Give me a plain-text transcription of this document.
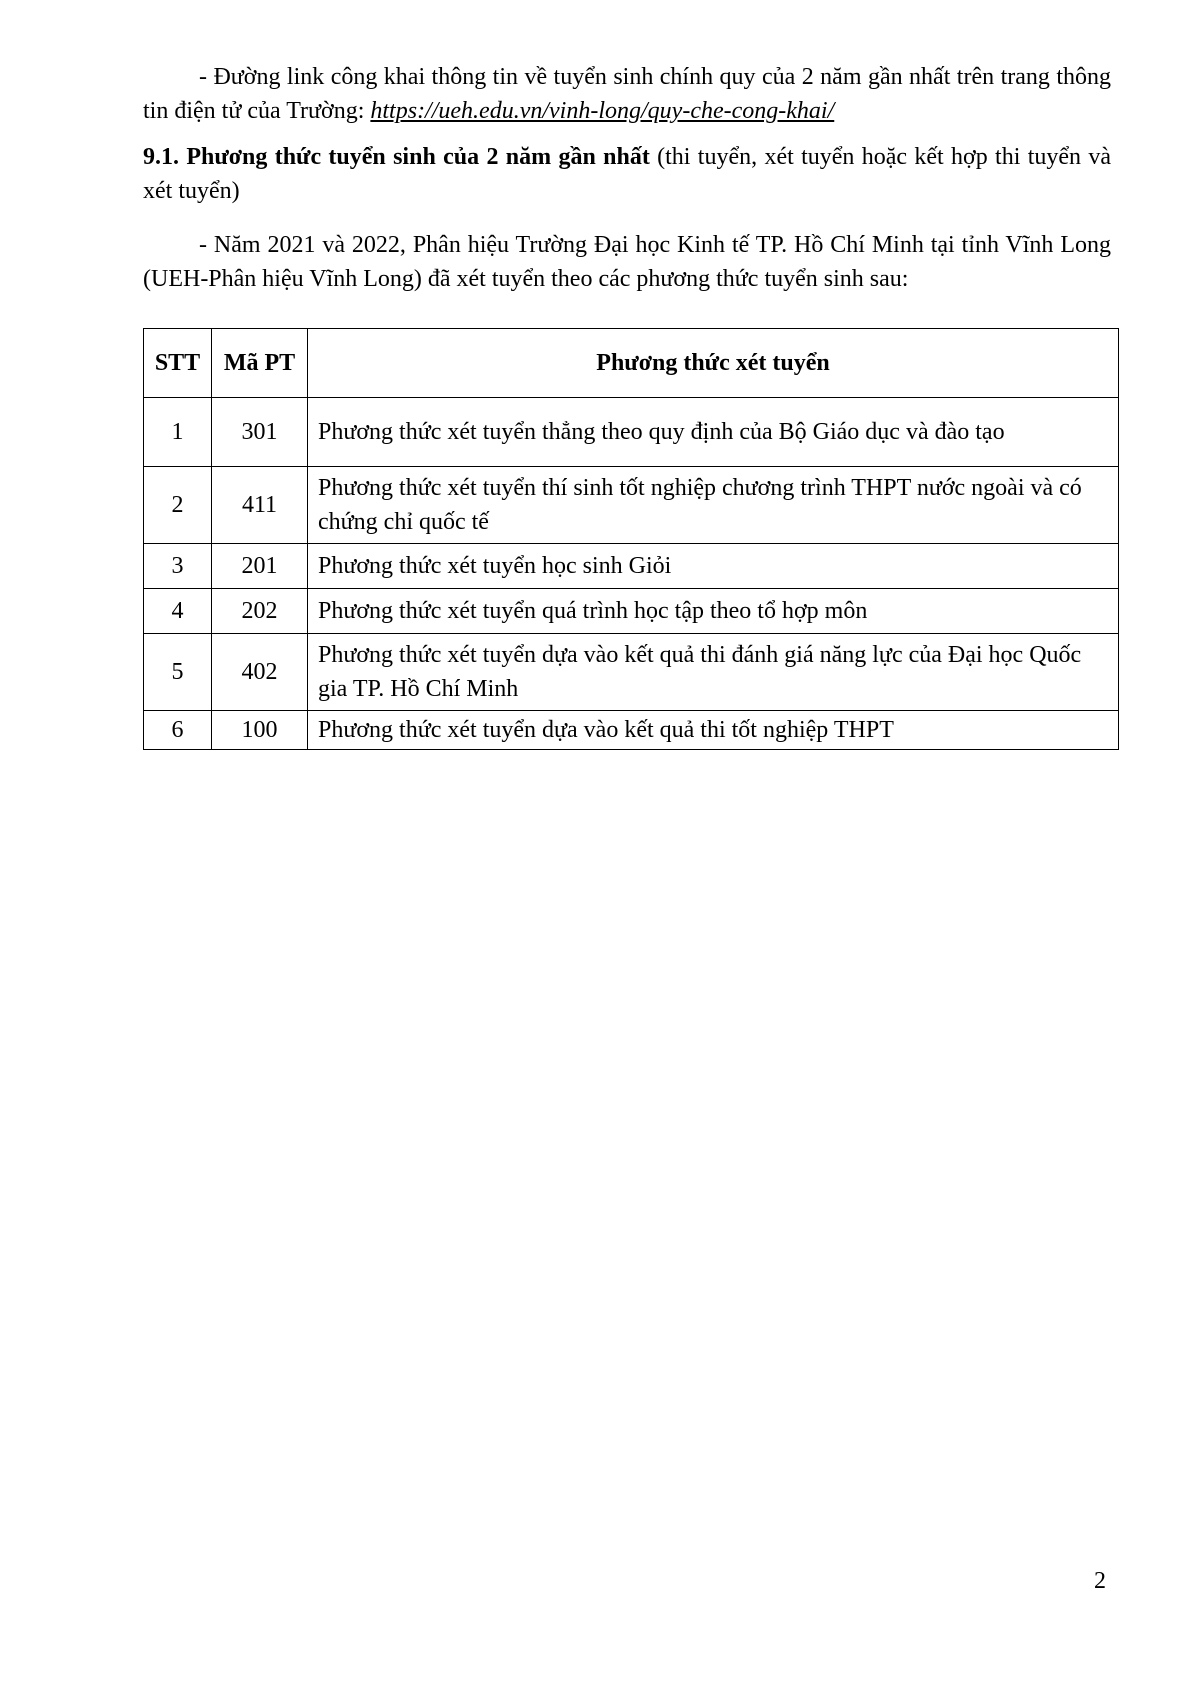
- Đường link công khai thông tin về tuyển sinh chính quy của 2 năm gần nhất trên trang thông tin điện tử của Trường: https://ueh.edu.vn/vinh-long/quy-che-cong-khai/

9.1. Phương thức tuyển sinh của 2 năm gần nhất (thi tuyển, xét tuyển hoặc kết hợp thi tuyển và xét tuyển)

- Năm 2021 và 2022, Phân hiệu Trường Đại học Kinh tế TP. Hồ Chí Minh tại tỉnh Vĩnh Long (UEH-Phân hiệu Vĩnh Long) đã xét tuyển theo các phương thức tuyển sinh sau:

STT	Mã PT	Phương thức xét tuyển
1	301	Phương thức xét tuyển thẳng theo quy định của Bộ Giáo dục và đào tạo
2	411	Phương thức xét tuyển thí sinh tốt nghiệp chương trình THPT nước ngoài và có chứng chỉ quốc tế
3	201	Phương thức xét tuyển học sinh Giỏi
4	202	Phương thức xét tuyển quá trình học tập theo tổ hợp môn
5	402	Phương thức xét tuyển dựa vào kết quả thi đánh giá năng lực của Đại học Quốc gia TP. Hồ Chí Minh
6	100	Phương thức xét tuyển dựa vào kết quả thi tốt nghiệp THPT
2
